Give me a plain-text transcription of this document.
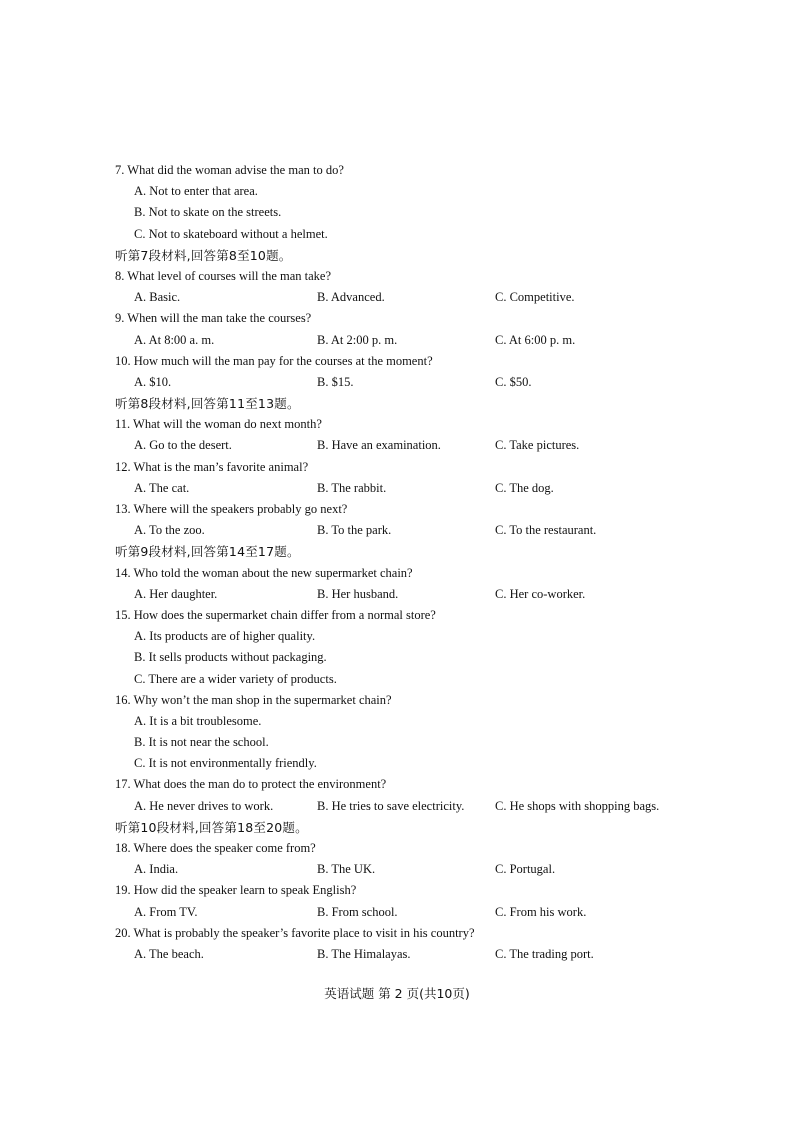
7. What did the woman advise the man to do?
A. Not to enter that area.
B. Not to skate on the streets.
C. Not to skateboard without a helmet.
听第7段材料,回答第8至10题。
8. What level of courses will the man take?
A. Basic.	B. Advanced.	C. Competitive.
9. When will the man take the courses?
A. At 8:00 a. m.	B. At 2:00 p. m.	C. At 6:00 p. m.
10. How much will the man pay for the courses at the moment?
A. $10.	B. $15.	C. $50.
听第8段材料,回答第11至13题。
11. What will the woman do next month?
A. Go to the desert.	B. Have an examination.	C. Take pictures.
12. What is the man’s favorite animal?
A. The cat.	B. The rabbit.	C. The dog.
13. Where will the speakers probably go next?
A. To the zoo.	B. To the park.	C. To the restaurant.
听第9段材料,回答第14至17题。
14. Who told the woman about the new supermarket chain?
A. Her daughter.	B. Her husband.	C. Her co-worker.
15. How does the supermarket chain differ from a normal store?
A. Its products are of higher quality.
B. It sells products without packaging.
C. There are a wider variety of products.
16. Why won’t the man shop in the supermarket chain?
A. It is a bit troublesome.
B. It is not near the school.
C. It is not environmentally friendly.
17. What does the man do to protect the environment?
A. He never drives to work.	B. He tries to save electricity.	C. He shops with shopping bags.
听第10段材料,回答第18至20题。
18. Where does the speaker come from?
A. India.	B. The UK.	C. Portugal.
19. How did the speaker learn to speak English?
A. From TV.	B. From school.	C. From his work.
20. What is probably the speaker’s favorite place to visit in his country?
A. The beach.	B. The Himalayas.	C. The trading port.
英语试题 第 2 页(共10页)
